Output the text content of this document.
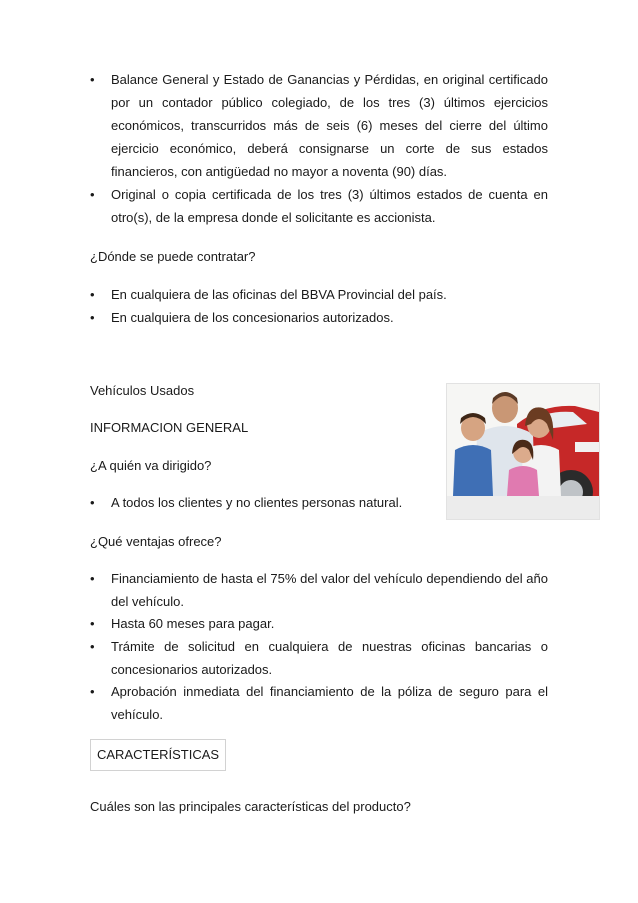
•	Balance General y Estado de Ganancias y Pérdidas, en original certificado por un contador público colegiado, de los tres (3) últimos ejercicios económicos, transcurridos más de seis (6) meses del cierre del último ejercicio económico, deberá consignarse un corte de sus estados financieros, con antigüedad no mayor a noventa (90) días.
•	Original o copia certificada de los tres (3) últimos estados de cuenta en otro(s), de la empresa donde el solicitante es accionista.
¿Dónde se puede contratar?
•	En cualquiera de las oficinas del BBVA Provincial del país.
•	En cualquiera de los concesionarios autorizados.
Vehículos Usados
INFORMACION GENERAL
¿A quién va dirigido?
•	A todos los clientes y no clientes personas natural.
¿Qué ventajas ofrece?
•	Financiamiento de hasta el 75% del valor del vehículo dependiendo del año del vehículo.
•	Hasta 60 meses para pagar.
•	Trámite de solicitud en cualquiera de nuestras oficinas bancarias o concesionarios autorizados.
•	Aprobación inmediata del financiamiento de la póliza de seguro para el vehículo.
CARACTERÍSTICAS
Cuáles son las principales características del producto?
